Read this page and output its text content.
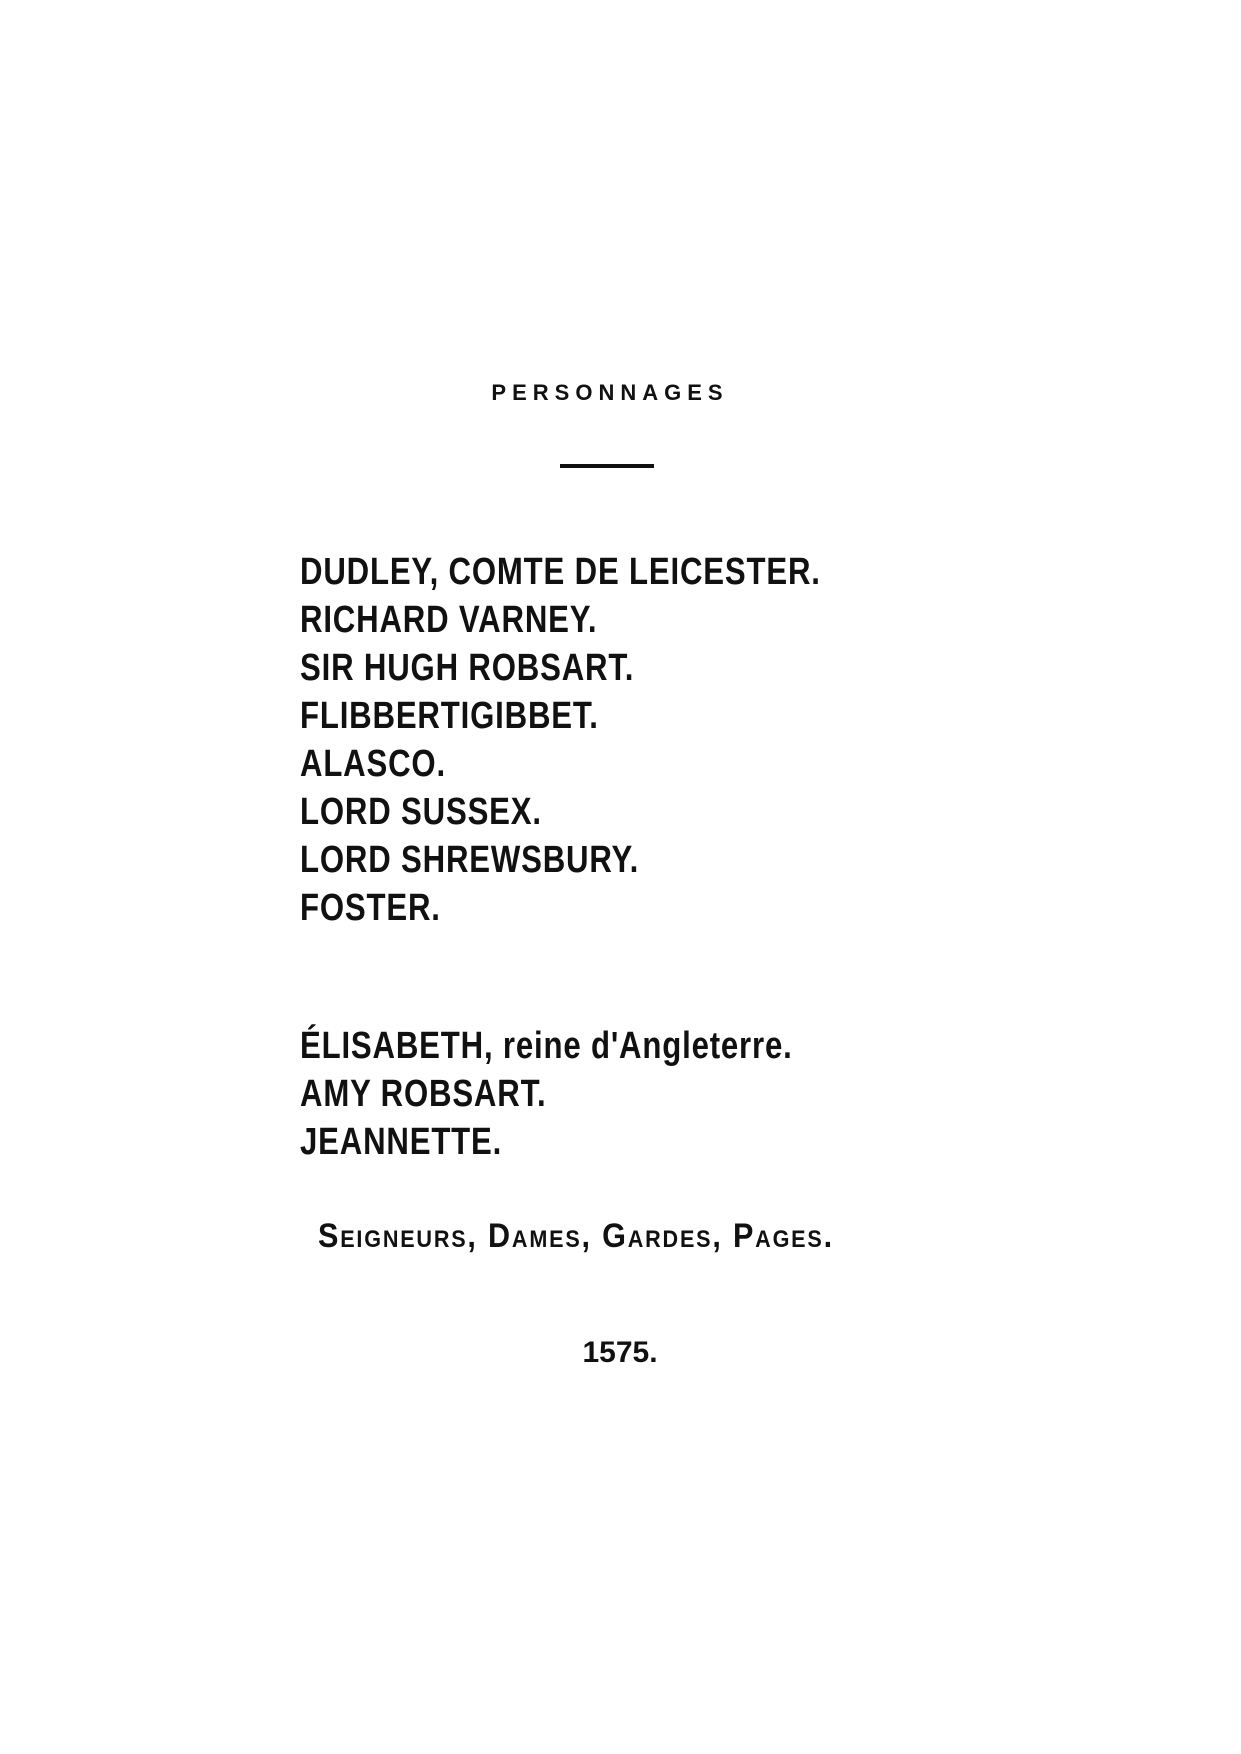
PERSONNAGES
DUDLEY, COMTE DE LEICESTER.
RICHARD VARNEY.
SIR HUGH ROBSART.
FLIBBERTIGIBBET.
ALASCO.
LORD SUSSEX.
LORD SHREWSBURY.
FOSTER.
ÉLISABETH, reine d'Angleterre.
AMY ROBSART.
JEANNETTE.
Seigneurs, Dames, Gardes, Pages.
1575.
